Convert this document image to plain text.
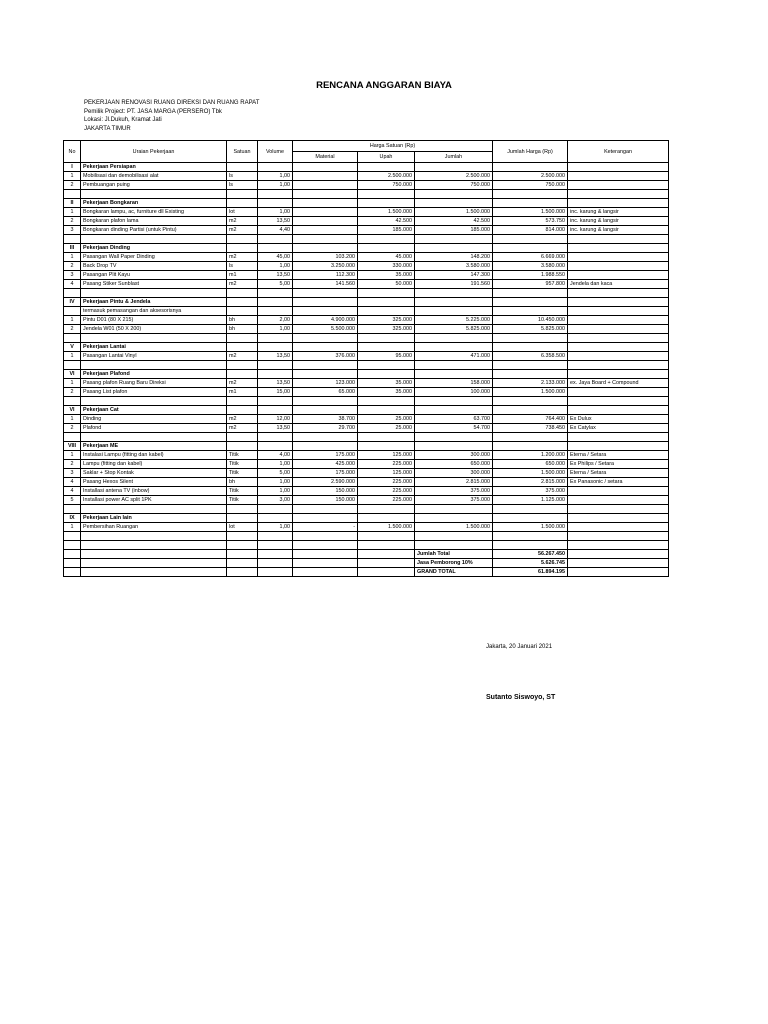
RENCANA ANGGARAN BIAYA
PEKERJAAN RENOVASI RUANG DIREKSI DAN RUANG RAPAT
Pemilik Project: PT. JASA MARGA (PERSERO) Tbk
Lokasi: Jl.Dukuh, Kramat Jati
JAKARTA TIMUR
No	Uraian Pekerjaan	Satuan	Volume	Harga Satuan (Rp)			Jumlah Harga (Rp)	Keterangan
				Material	Upah	Jumlah		
I	Pekerjaan Persiapan							
1	Mobilisasi dan demobilisasi alat	ls	1,00		2.500.000	2.500.000	2.500.000	
2	Pembuangan puing	ls	1,00		750.000	750.000	750.000	

II	Pekerjaan Bongkaran							
1	Bongkaran lampu, ac, furniture dll Existing	lot	1,00		1.500.000	1.500.000	1.500.000	inc. karung & langsir
2	Bongkaran plafon lama	m2	13,50		42.500	42.500	573.750	inc. karung & langsir
3	Bongkaran dinding Partisi (untuk Pintu)	m2	4,40		185.000	185.000	814.000	inc. karung & langsir

III	Pekerjaan Dinding							
1	Pasangan Wall Paper Dinding	m2	45,00	103.200	45.000	148.200	6.669.000	
2	Back Drop TV	ls	1,00	3.250.000	330.000	3.580.000	3.580.000	
3	Pasangan Plit Kayu	m1	13,50	112.300	35.000	147.300	1.988.550	
4	Pasang Stiker Sunblast	m2	5,00	141.560	50.000	191.560	957.800	Jendela dan kaca

IV	Pekerjaan Pintu & Jendela							
	termasuk pemasangan dan aksesorisnya							
1	Pintu D01 (80 X 215)	bh	2,00	4.900.000	325.000	5.225.000	10.450.000	
2	Jendela W01 (50 X 200)	bh	1,00	5.500.000	325.000	5.825.000	5.825.000	

V	Pekerjaan Lantai							
1	Pasangan Lantai Vinyl	m2	13,50	376.000	95.000	471.000	6.358.500	

VI	Pekerjaan Plafond							
1	Pasang plafon Ruang Baru Direksi	m2	13,50	123.000	35.000	158.000	2.133.000	ex. Jaya Board + Compound
2	Pasang List plafon	m1	15,00	65.000	35.000	100.000	1.500.000	

VI	Pekerjaan Cat							
1	Dinding	m2	12,00	38.700	25.000	63.700	764.400	Ex Dulux
2	Plafond	m2	13,50	29.700	25.000	54.700	738.450	Ex Catylax

VIII	Pekerjaan ME							
1	Instalasi Lampu (fitting dan kabel)	Titik	4,00	175.000	125.000	300.000	1.200.000	Eterna / Setara
2	Lampu (fitting dan kabel)	Titik	1,00	425.000	225.000	650.000	650.000	Ex Philips / Setara
3	Saklar + Stop Kontak	Titik	5,00	175.000	125.000	300.000	1.500.000	Eterna / Setara
4	Pasang Hexos Silent	bh	1,00	2.590.000	225.000	2.815.000	2.815.000	Ex Panasonic / setara
4	Installasi antena TV (inbow)	Titik	1,00	150.000	225.000	375.000	375.000	
5	Installasi power AC split 1PK	Titik	3,00	150.000	225.000	375.000	1.125.000	

IX	Pekerjaan Lain lain							
1	Pembersihan Ruangan	lot	1,00	-	1.500.000	1.500.000	1.500.000	

						Jumlah Total	56.267.450	
						Jasa Pemborong 10%	5.626.745	
						GRAND TOTAL	61.894.195	
Jakarta, 20 Januari 2021
Sutanto Siswoyo, ST
